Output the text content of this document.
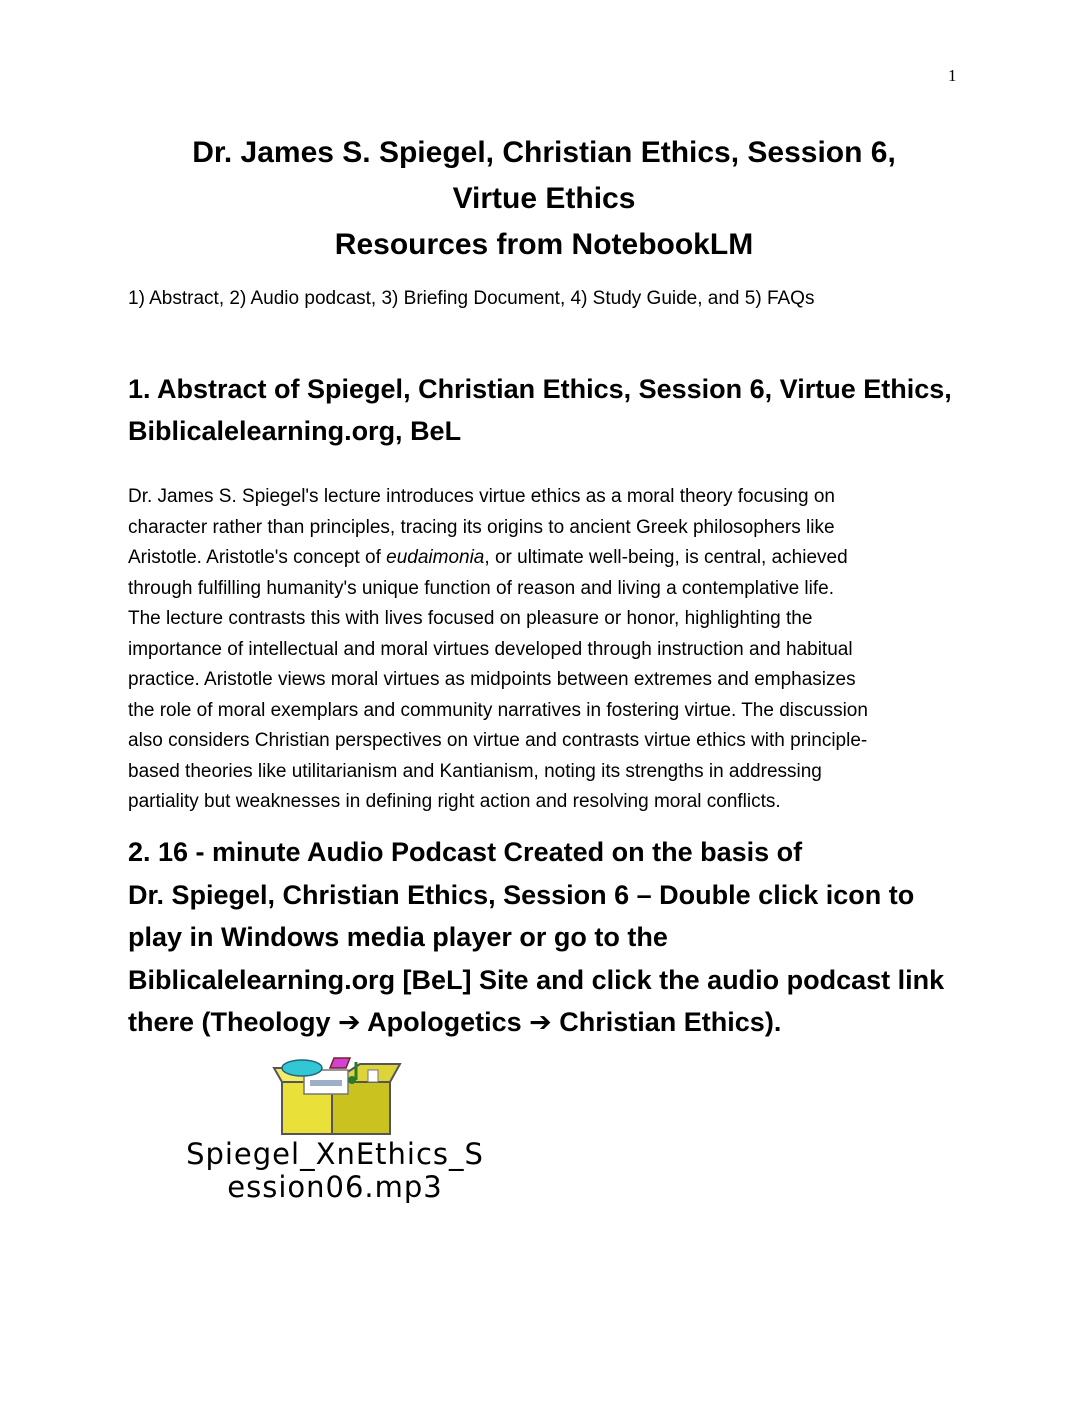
1
Dr. James S. Spiegel, Christian Ethics, Session 6,
Virtue Ethics
Resources from NotebookLM
1) Abstract, 2) Audio podcast, 3) Briefing Document, 4) Study Guide, and 5) FAQs
1. Abstract of Spiegel, Christian Ethics, Session 6, Virtue Ethics,
Biblicalelearning.org, BeL
Dr. James S. Spiegel's lecture introduces virtue ethics as a moral theory focusing on
character rather than principles, tracing its origins to ancient Greek philosophers like
Aristotle. Aristotle's concept of eudaimonia, or ultimate well-being, is central, achieved
through fulfilling humanity's unique function of reason and living a contemplative life.
The lecture contrasts this with lives focused on pleasure or honor, highlighting the
importance of intellectual and moral virtues developed through instruction and habitual
practice. Aristotle views moral virtues as midpoints between extremes and emphasizes
the role of moral exemplars and community narratives in fostering virtue. The discussion
also considers Christian perspectives on virtue and contrasts virtue ethics with principle-
based theories like utilitarianism and Kantianism, noting its strengths in addressing
partiality but weaknesses in defining right action and resolving moral conflicts.
2. 16 - minute Audio Podcast Created on the basis of
Dr. Spiegel, Christian Ethics, Session 6 – Double click icon to
play in Windows media player or go to the
Biblicalelearning.org [BeL] Site and click the audio podcast link
there (Theology ➔ Apologetics ➔ Christian Ethics).
Spiegel_XnEthics_S
ession06.mp3
